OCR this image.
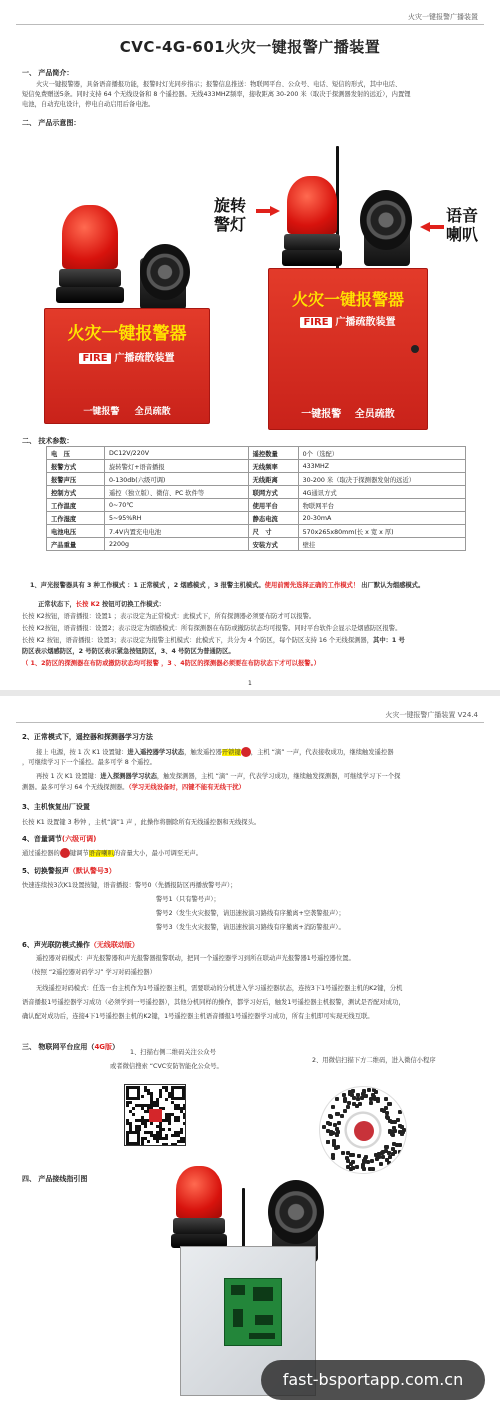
火灾一键报警广播装置
CVC-4G-601火灾一键报警广播装置
一、 产品简介：
火灾一键报警器，具备语音播报功能，报警时灯光同步指示；报警信息推送：物联网平台、公众号、电话、短信的形式，其中电话、
短信免费赠送5条。同时支持 64 个无线设备和 8 个遥控器。无线433MHZ频率，接收距离 30-200 米（取决于探测器发射的远近），内置锂
电池，自动充电设计，停电自动启用后备电池。
二、 产品示意图：
火灾一键报警器
FIRE 广播疏散装置
一键报警 全员疏散
火灾一键报警器
FIRE 广播疏散装置
一键报警 全员疏散
旋转
警灯	语音
喇叭
二、 技术参数：
电　压	DC12V/220V	遥控数量	0个（选配）
报警方式	旋转警灯+语音播报	无线频率	433MHZ
报警声压	0-130db(六级可调)	无线距离	30-200 米（取决于探测器发射的远近）
控制方式	遥控（独立版）、微信、PC 软件等	联网方式	4G通讯方式
工作温度	0~70℃	使用平台	物联网平台
工作湿度	5~95%RH	静态电流	20-30mA
电池电压	7.4V内置充电电池	尺　寸	570x265x80mm(长 x 宽 x 厚)
产品重量	2200g	安装方式	壁挂
1、声光报警器具有 3 种工作模式 ：1 正常模式 ，2 烟感模式 ，3 报警主机模式。使用前需先选择正确的工作模式！ 出厂默认为烟感模式。
正常状态下，长按 K2 按钮可切换工作模式：
长按 K2按钮，语音播报：设置1 ；表示设定为正常模式：此模式下，所有探测器必须要布防才可以报警。
长按 K2按钮，语音播报：设置2；表示设定为烟感模式：所有探测器在布防或撤防状态均可报警。同时平台软件会显示是烟感防区报警。
长按 K2 按钮，语音播报：设置3；表示设定为报警主机模式：此模式下，共分为 4 个防区，每个防区支持 16 个无线探测器，其中：1 号
防区表示烟感防区，2 号防区表示紧急按钮防区，3、4 号防区为普通防区。
（ 1、2防区的探测器在布防或撤防状态均可报警 ，3 、4防区的探测器必须要在布防状态下才可以报警。）
1
火灾一键报警广播装置 V24.4
2、正常模式下，遥控器和探测器学习方法
接上 电源，按 1 次 K1 设置键：进入遥控器学习状态，触发遥控器开锁键 ，主机 “滴” 一声，代表接收成功，继续触发遥控器
，可继续学习下一个遥控。最多可学 8 个遥控。
再按 1 次 K1 设置键：进入探测器学习状态，触发探测器，主机 “滴” 一声，代表学习成功，继续触发探测器，可继续学习下一个探
测器。最多可学习 64 个无线探测器。（学习无线设备时，四键不能有无线干扰）
3、主机恢复出厂设置
长按 K1 设置键 3 秒钟 ，主机“滴”1 声 ，此操作将删除所有无线遥控器和无线探头。
4、音量调节(六级可调)
通过遥控器的 键调节语音喇叭的音量大小，最小可调至无声。
5、切换警报声（默认警号3）
快速连续按3次K1设置按键，语音播报：警号0（先播报防区再播放警号声）；
警号1（只有警号声）；
警号2（发生火灾报警，请迅速按演习路线有序撤离+空袭警报声）；
警号3（发生火灾报警，请迅速按演习路线有序撤离+消防警报声）。
6、声光联防模式操作（无线联动版）
遥控器对码模式：声光报警器和声光报警器报警联动，把同一个遥控器学习到所在联动声光报警器1号遥控器位置。
（按照 “2遥控器对码学习” 学习对码遥控器）
无线遥控对码模式：任选一台主机作为1号遥控器主机，需要联动的分机进入学习遥控器状态，连按3下1号遥控器主机的K2键，分机
语音播报1号遥控器学习成功（必须学到一号遥控器），其他分机同样的操作，都学习好后，触发1号遥控器主机报警，测试是否配对成功，
确认配对成功后，连接4下1号遥控器主机的K2键，1号遥控器主机语音播报1号遥控器学习成功，所有主机即可实现无线互联。
三、 物联网平台应用（4G版）
1、扫描右侧二维码关注公众号
或者微信搜索 “CVC安防智能化公众号。
2、用微信扫描下方二维码，进入微信小程序
四、 产品接线指引图
fast-bsportapp.com.cn
